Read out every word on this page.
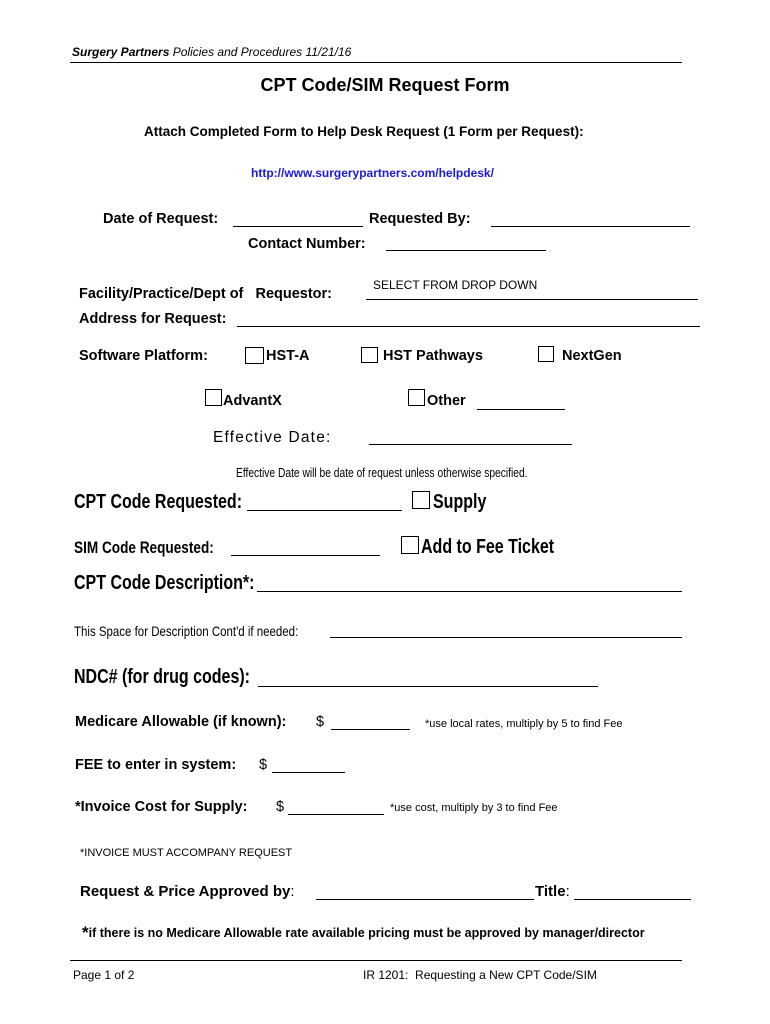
Surgery Partners Policies and Procedures 11/21/16
CPT Code/SIM Request Form
Attach Completed Form to Help Desk Request (1 Form per Request):
http://www.surgerypartners.com/helpdesk/
Date of Request:	Requested By:
Contact Number:
SELECT FROM DROP DOWN
Facility/Practice/Dept of   Requestor:
Address for Request:
Software Platform:	HST-A	HST Pathways	NextGen
AdvantX	Other
Effective Date:
Effective Date will be date of request unless otherwise specified.
CPT Code Requested:	Supply
SIM Code Requested:	Add to Fee Ticket
CPT Code Description*:
This Space for Description Cont'd if needed:
NDC# (for drug codes):
Medicare Allowable (if known): $	*use local rates, multiply by 5 to find Fee
FEE to enter in system: $
*Invoice Cost for Supply: $	*use cost, multiply by 3 to find Fee
*INVOICE MUST ACCOMPANY REQUEST
Request & Price Approved by:	Title:
*if there is no Medicare Allowable rate available pricing must be approved by manager/director
Page 1 of 2	IR 1201:  Requesting a New CPT Code/SIM
